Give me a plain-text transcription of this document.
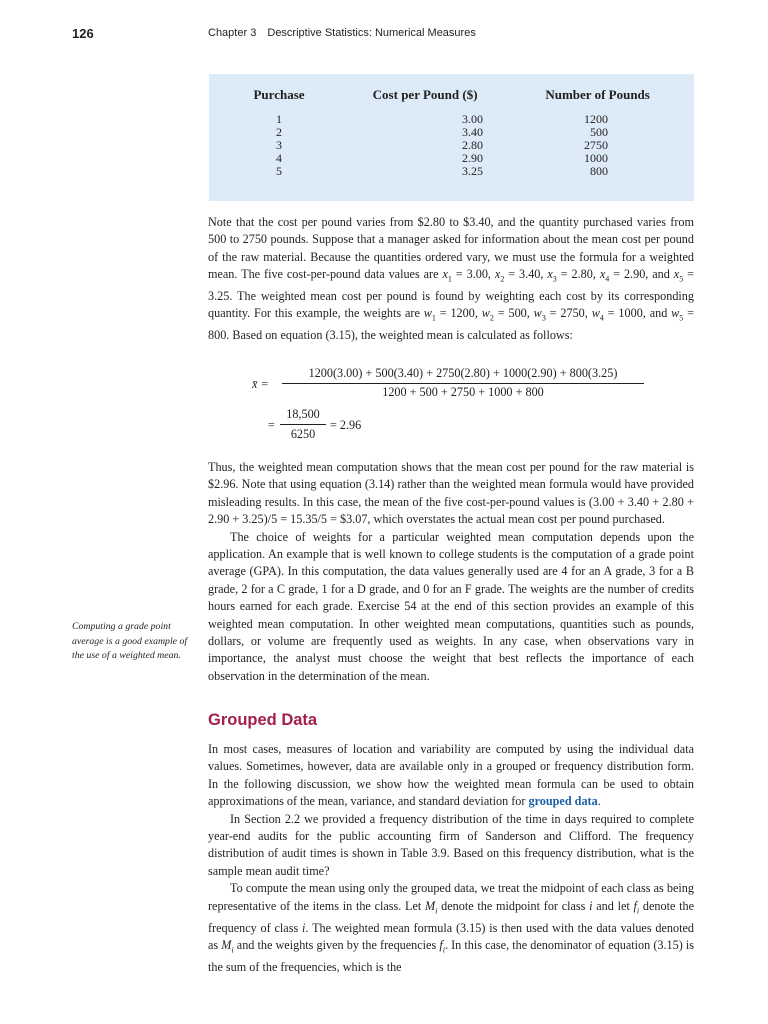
126	Chapter 3 Descriptive Statistics: Numerical Measures
Purchase	Cost per Pound ($)	Number of Pounds
1	3.00	1200
2	3.40	500
3	2.80	2750
4	2.90	1000
5	3.25	800

Note that the cost per pound varies from $2.80 to $3.40, and the quantity purchased varies from 500 to 2750 pounds. Suppose that a manager asked for information about the mean cost per pound of the raw material. Because the quantities ordered vary, we must use the formula for a weighted mean. The five cost-per-pound data values are $x_1 = 3.00$, $x_2 = 3.40$, $x_3 = 2.80$, $x_4 = 2.90$, and $x_5 = 3.25$. The weighted mean cost per pound is found by weighting each cost by its corresponding quantity. For this example, the weights are $w_1 = 1200$, $w_2 = 500$, $w_3 = 2750$, $w_4 = 1000$, and $w_5 = 800$. Based on equation (3.15), the weighted mean is calculated as follows:

x̄ =
1200(3.00) + 500(3.40) + 2750(2.80) + 1000(2.90) + 800(3.25)
1200 + 500 + 2750 + 1000 + 800
=
18,500
6250
= 2.96

Thus, the weighted mean computation shows that the mean cost per pound for the raw material is $2.96. Note that using equation (3.14) rather than the weighted mean formula would have provided misleading results. In this case, the mean of the five cost-per-pound values is (3.00 + 3.40 + 2.80 + 2.90 + 3.25)/5 = 15.35/5 = $3.07, which overstates the actual mean cost per pound purchased.

The choice of weights for a particular weighted mean computation depends upon the application. An example that is well known to college students is the computation of a grade point average (GPA). In this computation, the data values generally used are 4 for an A grade, 3 for a B grade, 2 for a C grade, 1 for a D grade, and 0 for an F grade. The weights are the number of credits hours earned for each grade. Exercise 54 at the end of this section provides an example of this weighted mean computation. In other weighted mean computations, quantities such as pounds, dollars, or volume are frequently used as weights. In any case, when observations vary in importance, the analyst must choose the weight that best reflects the importance of each observation in the determination of the mean.

Computing a grade point average is a good example of the use of a weighted mean.
Grouped Data

In most cases, measures of location and variability are computed by using the individual data values. Sometimes, however, data are available only in a grouped or frequency distribution form. In the following discussion, we show how the weighted mean formula can be used to obtain approximations of the mean, variance, and standard deviation for grouped data.

In Section 2.2 we provided a frequency distribution of the time in days required to complete year-end audits for the public accounting firm of Sanderson and Clifford. The frequency distribution of audit times is shown in Table 3.9. Based on this frequency distribution, what is the sample mean audit time?

To compute the mean using only the grouped data, we treat the midpoint of each class as being representative of the items in the class. Let $M_i$ denote the midpoint for class i and let $f_i$ denote the frequency of class i. The weighted mean formula (3.15) is then used with the data values denoted as $M_i$ and the weights given by the frequencies $f_i$. In this case, the denominator of equation (3.15) is the sum of the frequencies, which is the
